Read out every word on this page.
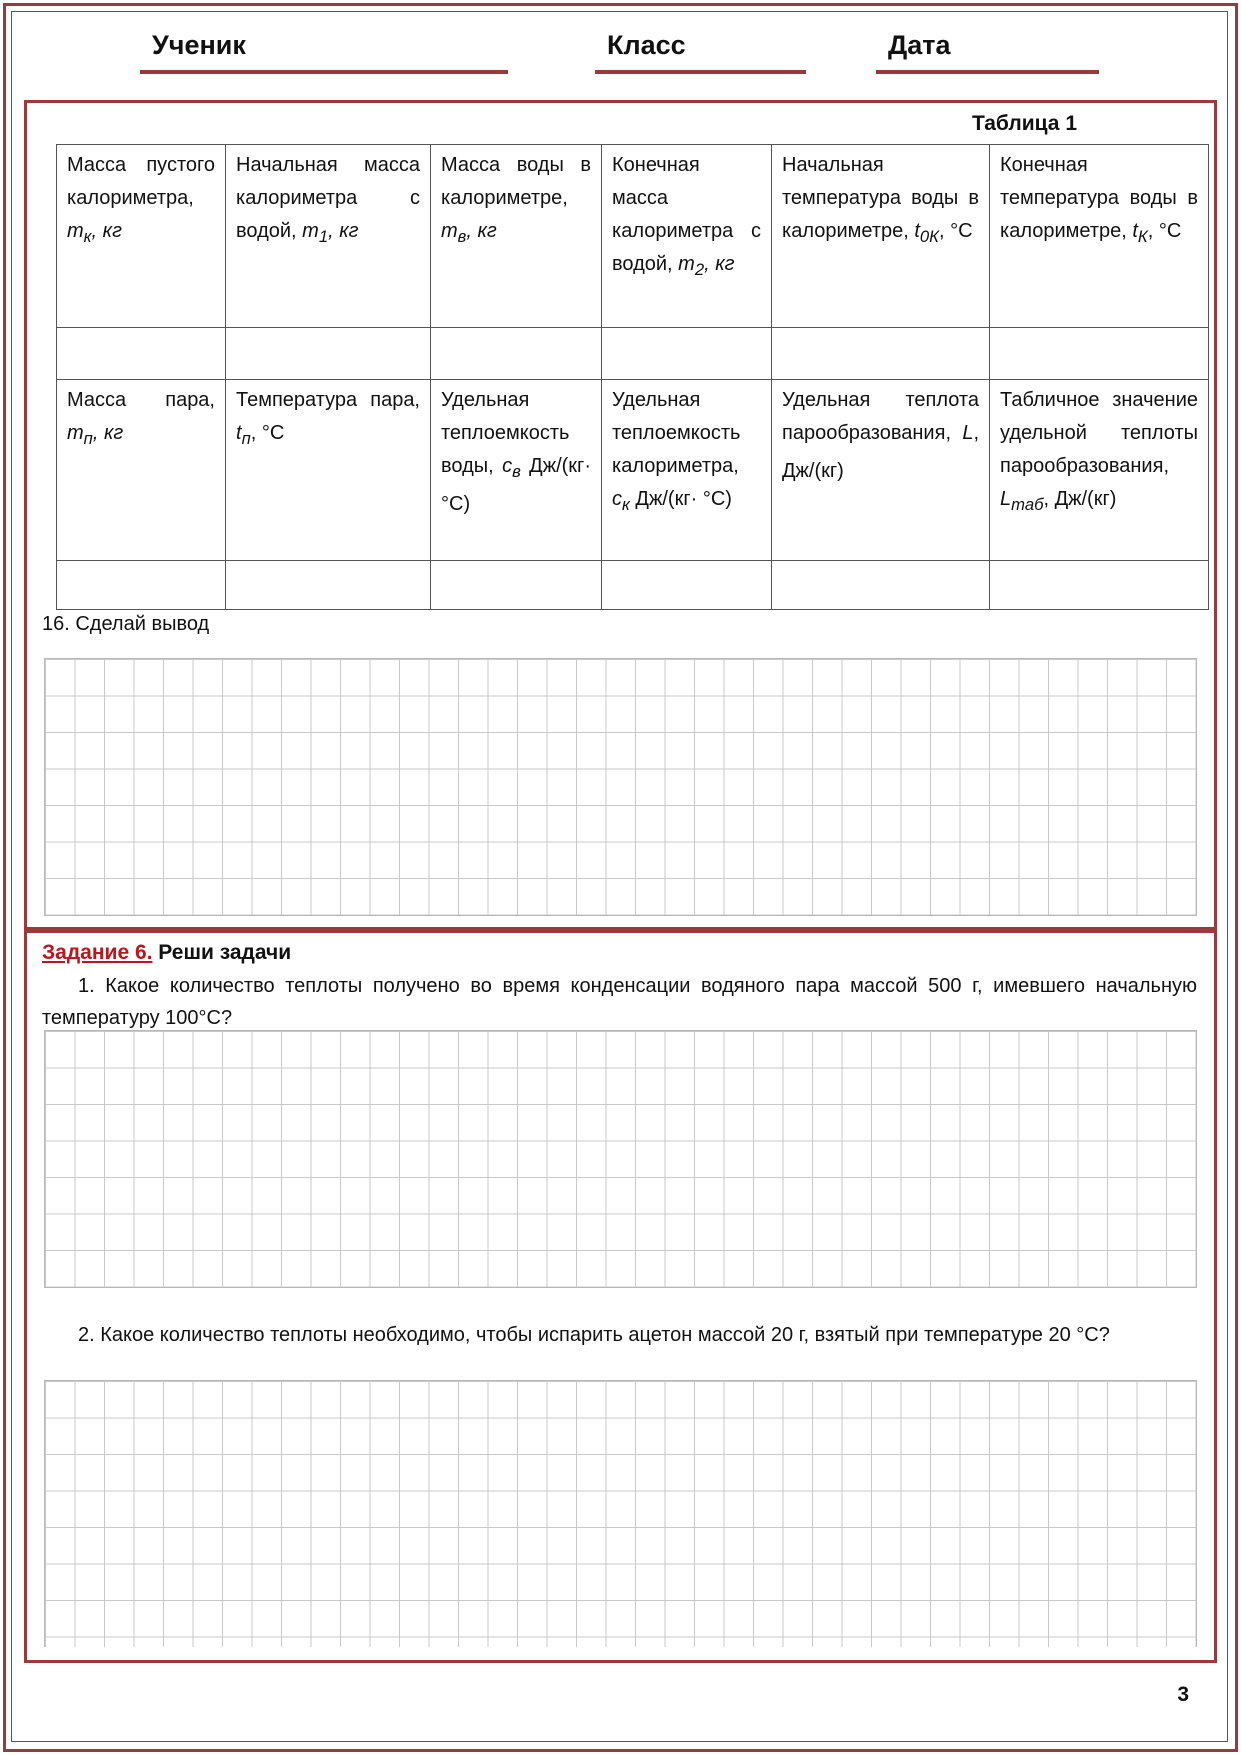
Ученик	Класс	Дата
Таблица 1
Масса пустого калориметра, $m_к$, кг	Начальная масса калориметра с водой, $m_1$, кг	Масса воды в калориметре, $m_в$, кг	Конечная масса калориметра с водой, $m_2$, кг	Начальная температура воды в калориметре, $t_{0К}$, °С	Конечная температура воды в калориметре, $t_К$, °С

Масса пара, $m_п$, кг	Температура пара, $t_п$, °С	Удельная теплоемкость воды, $c_в$ Дж/(кг· °С)	Удельная теплоемкость калориметра, $c_к$ Дж/(кг· °С)	Удельная теплота парообразования, L, Дж/(кг)	Табличное значение удельной теплоты парообразования, $L_{таб}$, Дж/(кг)

16. Сделай вывод
Задание 6. Реши задачи
1. Какое количество теплоты получено во время конденсации водяного пара массой 500 г, имевшего начальную температуру 100°С?
2. Какое количество теплоты необходимо, чтобы испарить ацетон массой 20 г, взятый при температуре 20 °С?
3
